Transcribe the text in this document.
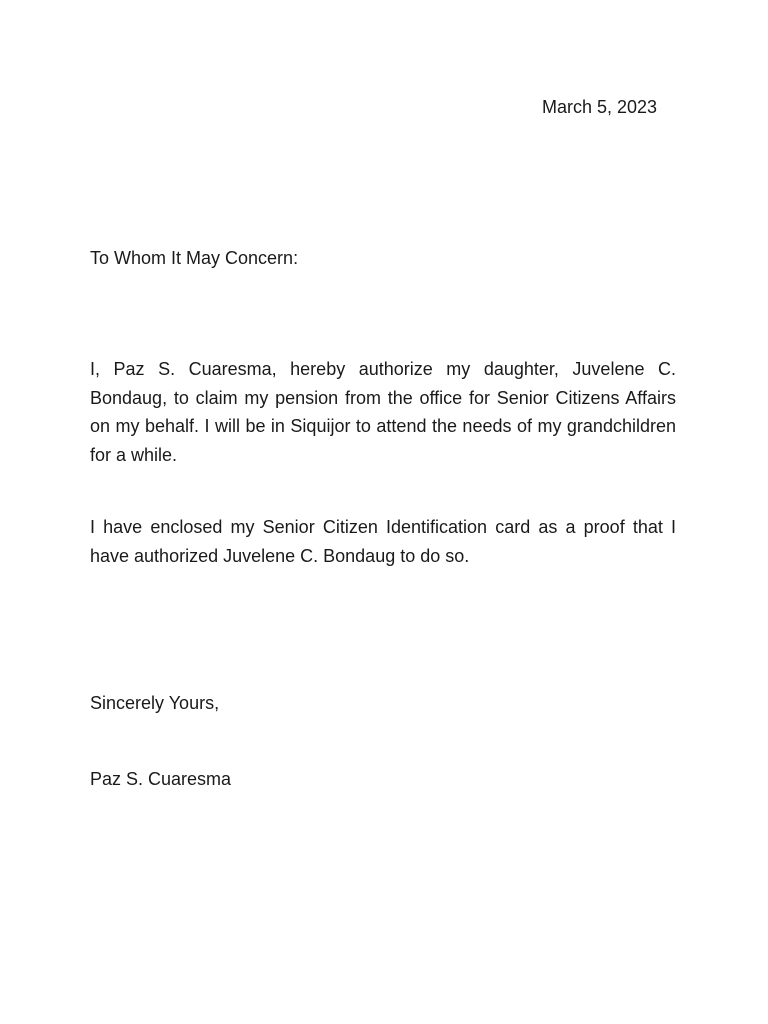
March 5, 2023
To Whom It May Concern:
I, Paz S. Cuaresma, hereby authorize my daughter, Juvelene C. Bondaug, to claim my pension from the office for Senior Citizens Affairs on my behalf. I will be in Siquijor to attend the needs of my grandchildren for a while.
I have enclosed my Senior Citizen Identification card as a proof that I have authorized Juvelene C. Bondaug to do so.
Sincerely Yours,
Paz S. Cuaresma
